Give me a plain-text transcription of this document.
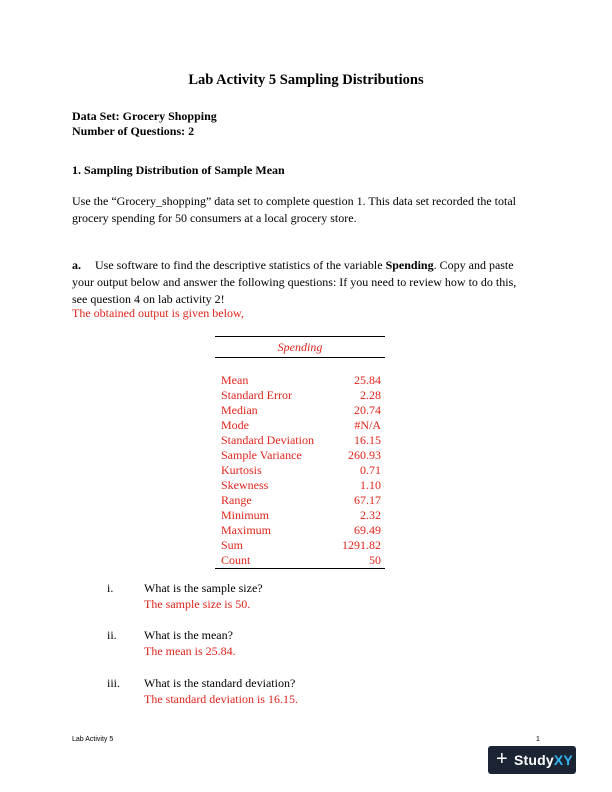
Lab Activity 5 Sampling Distributions
Data Set: Grocery Shopping
Number of Questions: 2
1. Sampling Distribution of Sample Mean
Use the “Grocery_shopping” data set to complete question 1. This data set recorded the total
grocery spending for 50 consumers at a local grocery store.
a. Use software to find the descriptive statistics of the variable Spending. Copy and paste
your output below and answer the following questions: If you need to review how to do this,
see question 4 on lab activity 2!
The obtained output is given below,
Spending	

Mean	25.84
Standard Error	2.28
Median	20.74
Mode	#N/A
Standard Deviation	16.15
Sample Variance	260.93
Kurtosis	0.71
Skewness	1.10
Range	67.17
Minimum	2.32
Maximum	69.49
Sum	1291.82
Count	50
i.	What is the sample size?
The sample size is 50.
ii. What is the mean?
The mean is 25.84.
iii. What is the standard deviation?
The standard deviation is 16.15.
Lab Activity 5	1
+ StudyXY
